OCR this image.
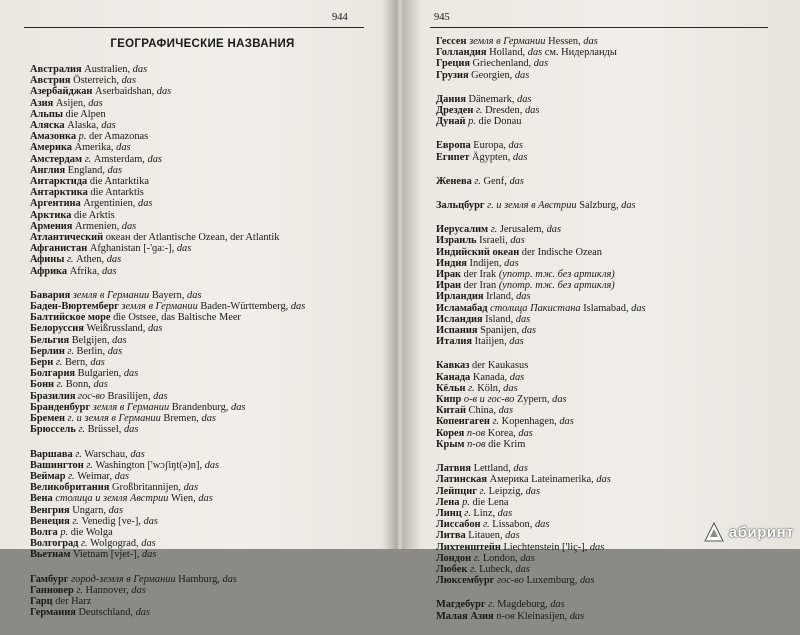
944
ГЕОГРАФИЧЕСКИЕ НАЗВАНИЯ
Австралия Australien, das
Австрия Österreich, das
Азербайджан Aserbaidshan, das
Азия Asijen, das
Альпы die Alpen
Аляска Alaska, das
Амазонка р. der Amazonas
Америка Amerika, das
Амстердам г. Amsterdam, das
Англия England, das
Антарктида die Antarktika
Антарктика die Antarktis
Аргентина Argentinien, das
Арктика die Arktis
Армения Armenien, das
Атлантический океан der Atlantische Ozean, der Atlantik
Афганистан Afghanistan [-'ɡa:-], das
Афины г. Athen, das
Африка Afrika, das
Бавария земля в Германии Bayern, das
Баден-Вюртемберг земля в Германии Baden-Württemberg, das
Балтийское море die Ostsee, das Baltische Meer
Белоруссия Weißrussland, das
Бельгия Belgijen, das
Берлин г. Berlin, das
Берн г. Bern, das
Болгария Bulgarien, das
Бонн г. Bonn, das
Бразилия гос-во Brasilijen, das
Бранденбург земля в Германии Brandenburg, das
Бремен г. и земля в Германии Bremen, das
Брюссель г. Brüssel, das
Варшава г. Warschau, das
Вашингтон г. Washington ['wɔʃiŋt(ə)n], das
Веймар г. Weimar, das
Великобритания Großbritannijen, das
Вена столица и земля Австрии Wien, das
Венгрия Ungarn, das
Венеция г. Venedig [ve-], das
Волга р. die Wolga
Волгоград г. Wolgograd, das
Вьетнам Vietnam [vjet-], das
Гамбург город-земля в Германии Hamburg, das
Ганновер г. Hannover, das
Гарц der Harz
Германия Deutschland, das
945
Гессен земля в Германии Hessen, das
Голландия Holland, das см. Нидерланды
Греция Griechenland, das
Грузия Georgien, das
Дания Dänemark, das
Дрезден г. Dresden, das
Дунай р. die Donau
Европа Europa, das
Египет Ägypten, das
Женева г. Genf, das
Зальцбург г. и земля в Австрии Salzburg, das
Иерусалим г. Jerusalem, das
Израиль Israeli, das
Индийский океан der Indische Ozean
Индия Indijen, das
Ирак der Irak (употр. тж. без артикля)
Иран der Iran (употр. тж. без артикля)
Ирландия Irland, das
Исламабад столица Пакистана Islamabad, das
Исландия Island, das
Испания Spanijen, das
Италия Itaiijen, das
Кавказ der Kaukasus
Канада Kanada, das
Кёльн г. Köln, das
Кипр о-в и гос-во Zypern, das
Китай China, das
Копенгаген г. Kopenhagen, das
Корея п-ов Korea, das
Крым п-ов die Krim
Латвия Lettland, das
Латинская Америка Lateinamerika, das
Лейпциг г. Leipzig, das
Лена р. die Lena
Линц г. Linz, das
Лиссабон г. Lissabon, das
Литва Litauen, das
Лихтенштейн Liechtenstein ['liç-], das
Лондон г. London, das
Любек г. Lubeck, das
Люксембург гос-во Luxemburg, das
Магдебург г. Magdeburg, das
Малая Азия п-ов Kleinasijen, das
абиринт
